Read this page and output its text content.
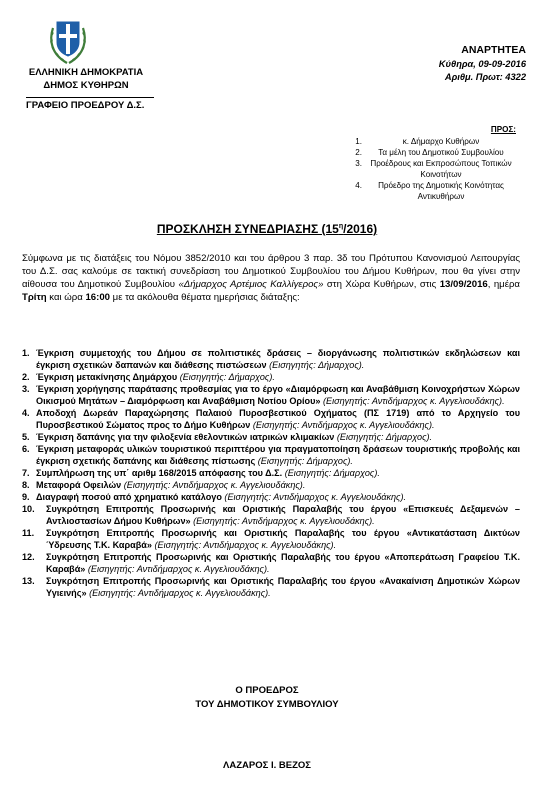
ΕΛΛΗΝΙΚΗ ΔΗΜΟΚΡΑΤΙΑ
ΔΗΜΟΣ ΚΥΘΗΡΩΝ
ΓΡΑΦΕΙΟ ΠΡΟΕΔΡΟΥ Δ.Σ.
ΑΝΑΡΤΗΤΕΑ
Κύθηρα, 09-09-2016
Αριθμ. Πρωτ: 4322
ΠΡΟΣ:
1.	κ. Δήμαρχο Κυθήρων
2.	Τα μέλη του Δημοτικού Συμβουλίου
3.	Προέδρους και Εκπροσώπους Τοπικών Κοινοτήτων
4.	Πρόεδρο της Δημοτικής Κοινότητας Αντικυθήρων
ΠΡΟΣΚΛΗΣΗ ΣΥΝΕΔΡΙΑΣΗΣ $(15^\eta/2016)$
Σύμφωνα με τις διατάξεις του Νόμου 3852/2010 και του άρθρου 3 παρ. 3δ του Πρότυπου Κανονισμού Λειτουργίας του Δ.Σ. σας καλούμε σε τακτική συνεδρίαση του Δημοτικού Συμβουλίου του Δήμου Κυθήρων, που θα γίνει στην αίθουσα του Δημοτικού Συμβουλίου «Δήμαρχος Αρτέμιος Καλλίγερος» στη Χώρα Κυθήρων, στις 13/09/2016, ημέρα Τρίτη και ώρα 16:00 με τα ακόλουθα θέματα ημερήσιας διάταξης:
1. Έγκριση συμμετοχής του Δήμου σε πολιτιστικές δράσεις – διοργάνωσης πολιτιστικών εκδηλώσεων και έγκριση σχετικών δαπανών και διάθεσης πιστώσεων (Εισηγητής: Δήμαρχος).
2. Έγκριση μετακίνησης Δημάρχου (Εισηγητής: Δήμαρχος).
3. Έγκριση χορήγησης παράτασης προθεσμίας για το έργο «Διαμόρφωση και Αναβάθμιση Κοινοχρήστων Χώρων Οικισμού Μητάτων – Διαμόρφωση και Αναβάθμιση Νοτίου Ορίου» (Εισηγητής: Αντιδήμαρχος κ. Αγγελιουδάκης).
4. Αποδοχή Δωρεάν Παραχώρησης Παλαιού Πυροσβεστικού Οχήματος (ΠΣ 1719) από το Αρχηγείο του Πυροσβεστικού Σώματος προς το Δήμο Κυθήρων (Εισηγητής: Αντιδήμαρχος κ. Αγγελιουδάκης).
5. Έγκριση δαπάνης για την φιλοξενία εθελοντικών ιατρικών κλιμακίων (Εισηγητής: Δήμαρχος).
6. Έγκριση μεταφοράς υλικών τουριστικού περιπτέρου για πραγματοποίηση δράσεων τουριστικής προβολής και έγκριση σχετικής δαπάνης και διάθεσης πίστωσης (Εισηγητής: Δήμαρχος).
7. Συμπλήρωση της υπ΄ αριθμ 168/2015 απόφασης του Δ.Σ. (Εισηγητής: Δήμαρχος).
8. Μεταφορά Οφειλών (Εισηγητής: Αντιδήμαρχος κ. Αγγελιουδάκης).
9. Διαγραφή ποσού από χρηματικό κατάλογο (Εισηγητής: Αντιδήμαρχος κ. Αγγελιουδάκης).
10.	Συγκρότηση Επιτροπής Προσωρινής και Οριστικής Παραλαβής του έργου «Επισκευές Δεξαμενών – Αντλιοστασίων Δήμου Κυθήρων» (Εισηγητής: Αντιδήμαρχος κ. Αγγελιουδάκης).
11.	Συγκρότηση Επιτροπής Προσωρινής και Οριστικής Παραλαβής του έργου «Αντικατάσταση Δικτύων Ύδρευσης Τ.Κ. Καραβά» (Εισηγητής: Αντιδήμαρχος κ. Αγγελιουδάκης).
12.	Συγκρότηση Επιτροπής Προσωρινής και Οριστικής Παραλαβής του έργου «Αποπεράτωση Γραφείου Τ.Κ. Καραβά» (Εισηγητής: Αντιδήμαρχος κ. Αγγελιουδάκης).
13.	Συγκρότηση Επιτροπής Προσωρινής και Οριστικής Παραλαβής του έργου «Ανακαίνιση Δημοτικών Χώρων Υγιεινής» (Εισηγητής: Αντιδήμαρχος κ. Αγγελιουδάκης).
Ο ΠΡΟΕΔΡΟΣ
ΤΟΥ ΔΗΜΟΤΙΚΟΥ ΣΥΜΒΟΥΛΙΟΥ
ΛΑΖΑΡΟΣ Ι. ΒΕΖΟΣ
